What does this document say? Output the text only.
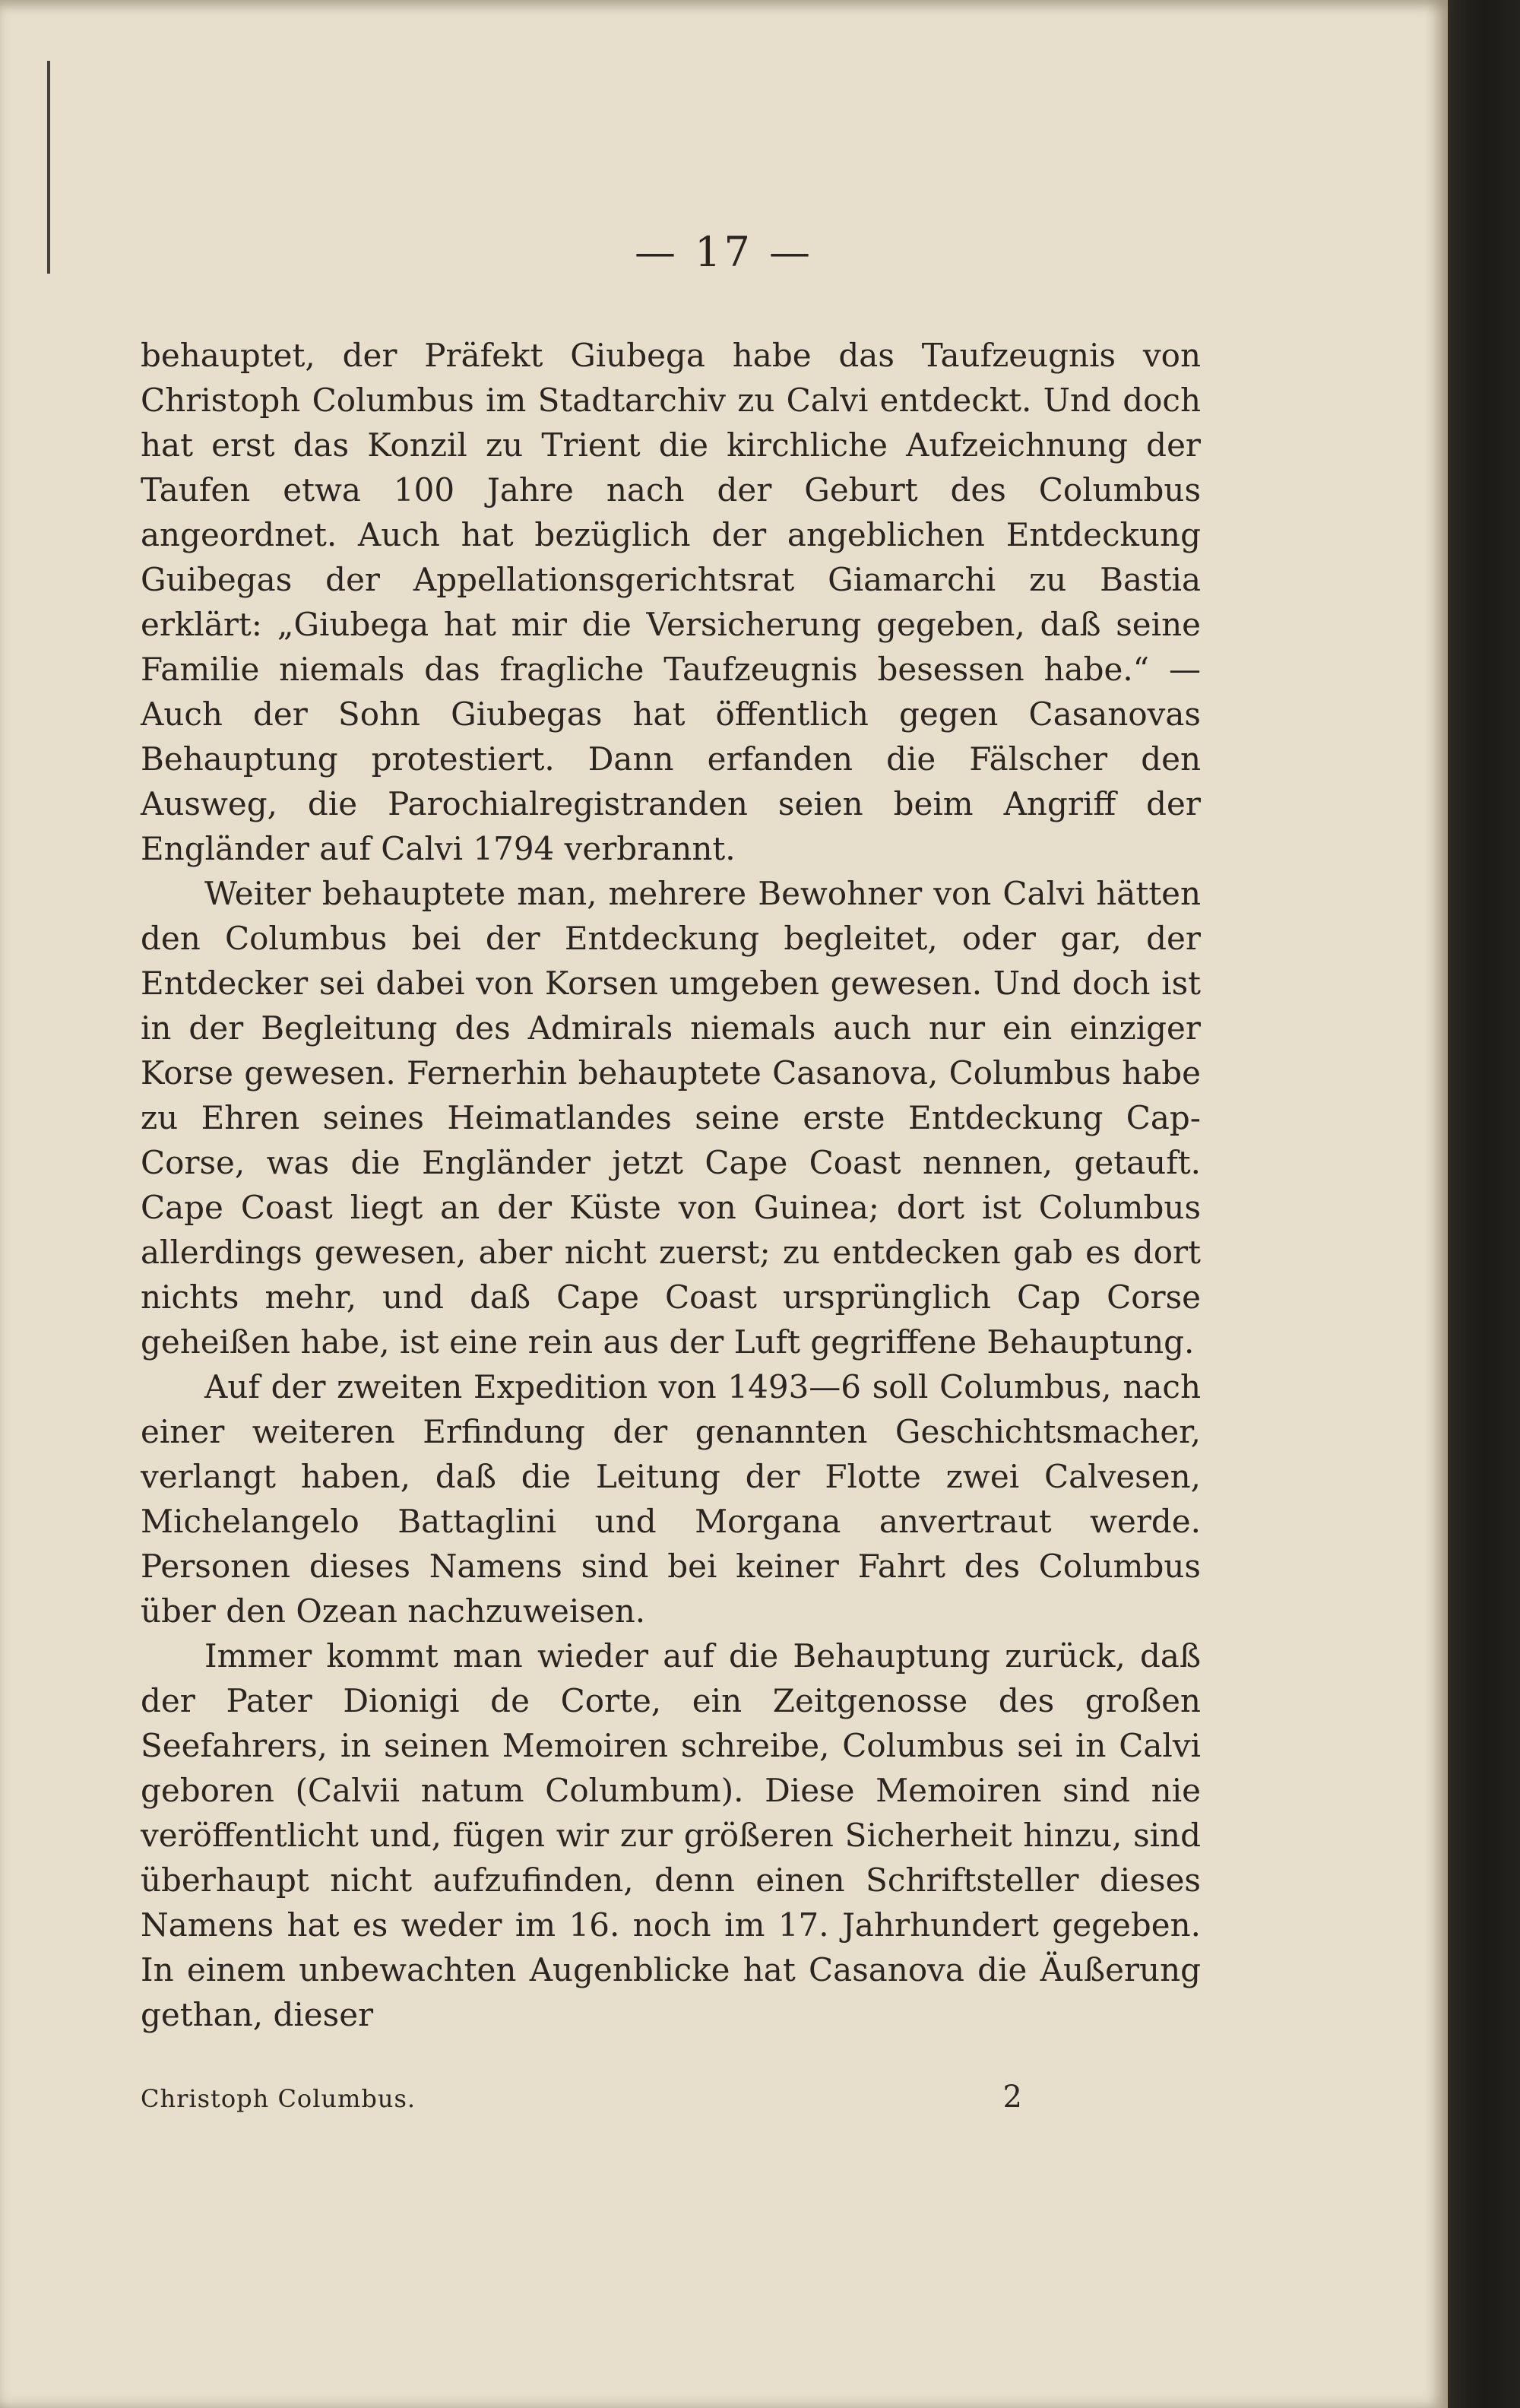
— 17 —

behauptet, der Präfekt Giubega habe das Taufzeugnis von Christoph Columbus im Stadtarchiv zu Calvi entdeckt. Und doch hat erst das Konzil zu Trient die kirchliche Aufzeichnung der Taufen etwa 100 Jahre nach der Geburt des Columbus angeordnet. Auch hat bezüglich der angeblichen Entdeckung Guibegas der Appellationsgerichtsrat Giamarchi zu Bastia erklärt: „Giubega hat mir die Versicherung gegeben, daß seine Familie niemals das fragliche Taufzeugnis besessen habe.“ — Auch der Sohn Giubegas hat öffentlich gegen Casanovas Behauptung protestiert. Dann erfanden die Fälscher den Ausweg, die Parochialregistranden seien beim Angriff der Engländer auf Calvi 1794 verbrannt.

Weiter behauptete man, mehrere Bewohner von Calvi hätten den Columbus bei der Entdeckung begleitet, oder gar, der Entdecker sei dabei von Korsen umgeben gewesen. Und doch ist in der Begleitung des Admirals niemals auch nur ein einziger Korse gewesen. Fernerhin behauptete Casanova, Columbus habe zu Ehren seines Heimatlandes seine erste Entdeckung Cap-Corse, was die Engländer jetzt Cape Coast nennen, getauft. Cape Coast liegt an der Küste von Guinea; dort ist Columbus allerdings gewesen, aber nicht zuerst; zu entdecken gab es dort nichts mehr, und daß Cape Coast ursprünglich Cap Corse geheißen habe, ist eine rein aus der Luft gegriffene Behauptung.

Auf der zweiten Expedition von 1493—6 soll Columbus, nach einer weiteren Erfindung der genannten Geschichtsmacher, verlangt haben, daß die Leitung der Flotte zwei Calvesen, Michelangelo Battaglini und Morgana anvertraut werde. Personen dieses Namens sind bei keiner Fahrt des Columbus über den Ozean nachzuweisen.

Immer kommt man wieder auf die Behauptung zurück, daß der Pater Dionigi de Corte, ein Zeitgenosse des großen Seefahrers, in seinen Memoiren schreibe, Columbus sei in Calvi geboren (Calvii natum Columbum). Diese Memoiren sind nie veröffentlicht und, fügen wir zur größeren Sicherheit hinzu, sind überhaupt nicht aufzufinden, denn einen Schriftsteller dieses Namens hat es weder im 16. noch im 17. Jahrhundert gegeben. In einem unbewachten Augenblicke hat Casanova die Äußerung gethan, dieser

Christoph Columbus.	2
